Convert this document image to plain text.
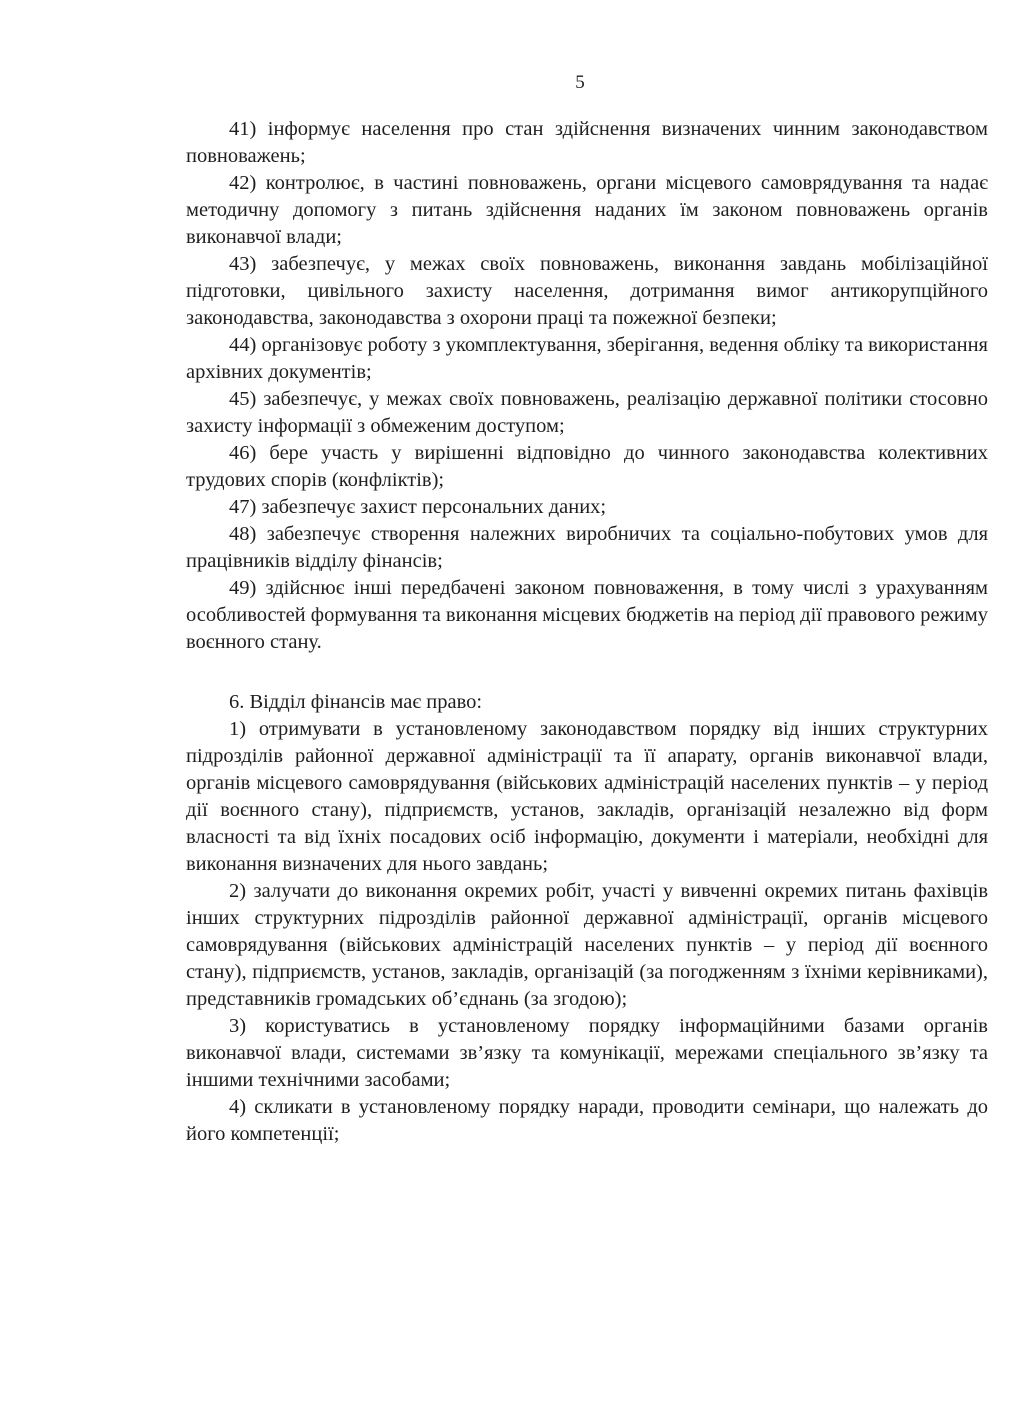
5

41) інформує населення про стан здійснення визначених чинним законодавством повноважень;

42) контролює, в частині повноважень, органи місцевого самоврядування та надає методичну допомогу з питань здійснення наданих їм законом повноважень органів виконавчої влади;

43) забезпечує, у межах своїх повноважень, виконання завдань мобілізаційної підготовки, цивільного захисту населення, дотримання вимог антикорупційного законодавства, законодавства з охорони праці та пожежної безпеки;

44) організовує роботу з укомплектування, зберігання, ведення обліку та використання архівних документів;

45) забезпечує, у межах своїх повноважень, реалізацію державної політики стосовно захисту інформації з обмеженим доступом;

46) бере участь у вирішенні відповідно до чинного законодавства колективних трудових спорів (конфліктів);

47) забезпечує захист персональних даних;

48) забезпечує створення належних виробничих та соціально-побутових умов для працівників відділу фінансів;

49) здійснює інші передбачені законом повноваження, в тому числі з урахуванням особливостей формування та виконання місцевих бюджетів на період дії правового режиму воєнного стану.

6. Відділ фінансів має право:

1) отримувати в установленому законодавством порядку від інших структурних підрозділів районної державної адміністрації та її апарату, органів виконавчої влади, органів місцевого самоврядування (військових адміністрацій населених пунктів – у період дії воєнного стану), підприємств, установ, закладів, організацій незалежно від форм власності та від їхніх посадових осіб інформацію, документи і матеріали, необхідні для виконання визначених для нього завдань;

2) залучати до виконання окремих робіт, участі у вивченні окремих питань фахівців інших структурних підрозділів районної державної адміністрації, органів місцевого самоврядування (військових адміністрацій населених пунктів – у період дії воєнного стану), підприємств, установ, закладів, організацій (за погодженням з їхніми керівниками), представників громадських об’єднань (за згодою);

3) користуватись в установленому порядку інформаційними базами органів виконавчої влади, системами зв’язку та комунікації, мережами спеціального зв’язку та іншими технічними засобами;

4) скликати в установленому порядку наради, проводити семінари, що належать до його компетенції;
